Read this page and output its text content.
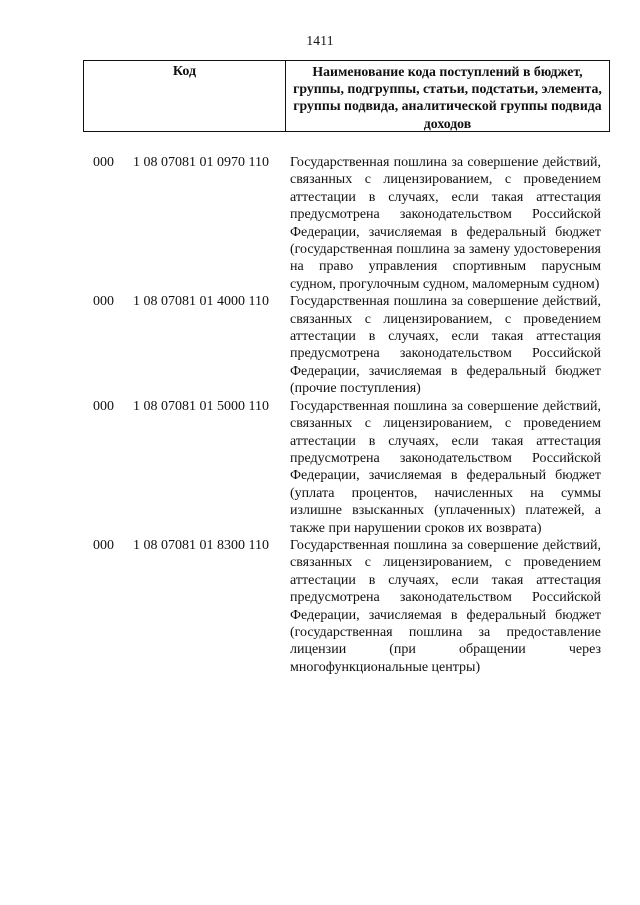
1411
Код	Наименование кода поступлений в бюджет, группы, подгруппы, статьи, подстатьи, элемента, группы подвида, аналитической группы подвида доходов
000	1 08 07081 01 0970 110	Государственная пошлина за совершение действий, связанных с лицензированием, с проведением аттестации в случаях, если такая аттестация предусмотрена законодательством Российской Федерации, зачисляемая в федеральный бюджет (государственная пошлина за замену удостоверения на право управления спортивным парусным судном, прогулочным судном, маломерным судном)
000	1 08 07081 01 4000 110	Государственная пошлина за совершение действий, связанных с лицензированием, с проведением аттестации в случаях, если такая аттестация предусмотрена законодательством Российской Федерации, зачисляемая в федеральный бюджет (прочие поступления)
000	1 08 07081 01 5000 110	Государственная пошлина за совершение действий, связанных с лицензированием, с проведением аттестации в случаях, если такая аттестация предусмотрена законодательством Российской Федерации, зачисляемая в федеральный бюджет (уплата процентов, начисленных на суммы излишне взысканных (уплаченных) платежей, а также при нарушении сроков их возврата)
000	1 08 07081 01 8300 110	Государственная пошлина за совершение действий, связанных с лицензированием, с проведением аттестации в случаях, если такая аттестация предусмотрена законодательством Российской Федерации, зачисляемая в федеральный бюджет (государственная пошлина за предоставление лицензии (при обращении через многофункциональные центры)
